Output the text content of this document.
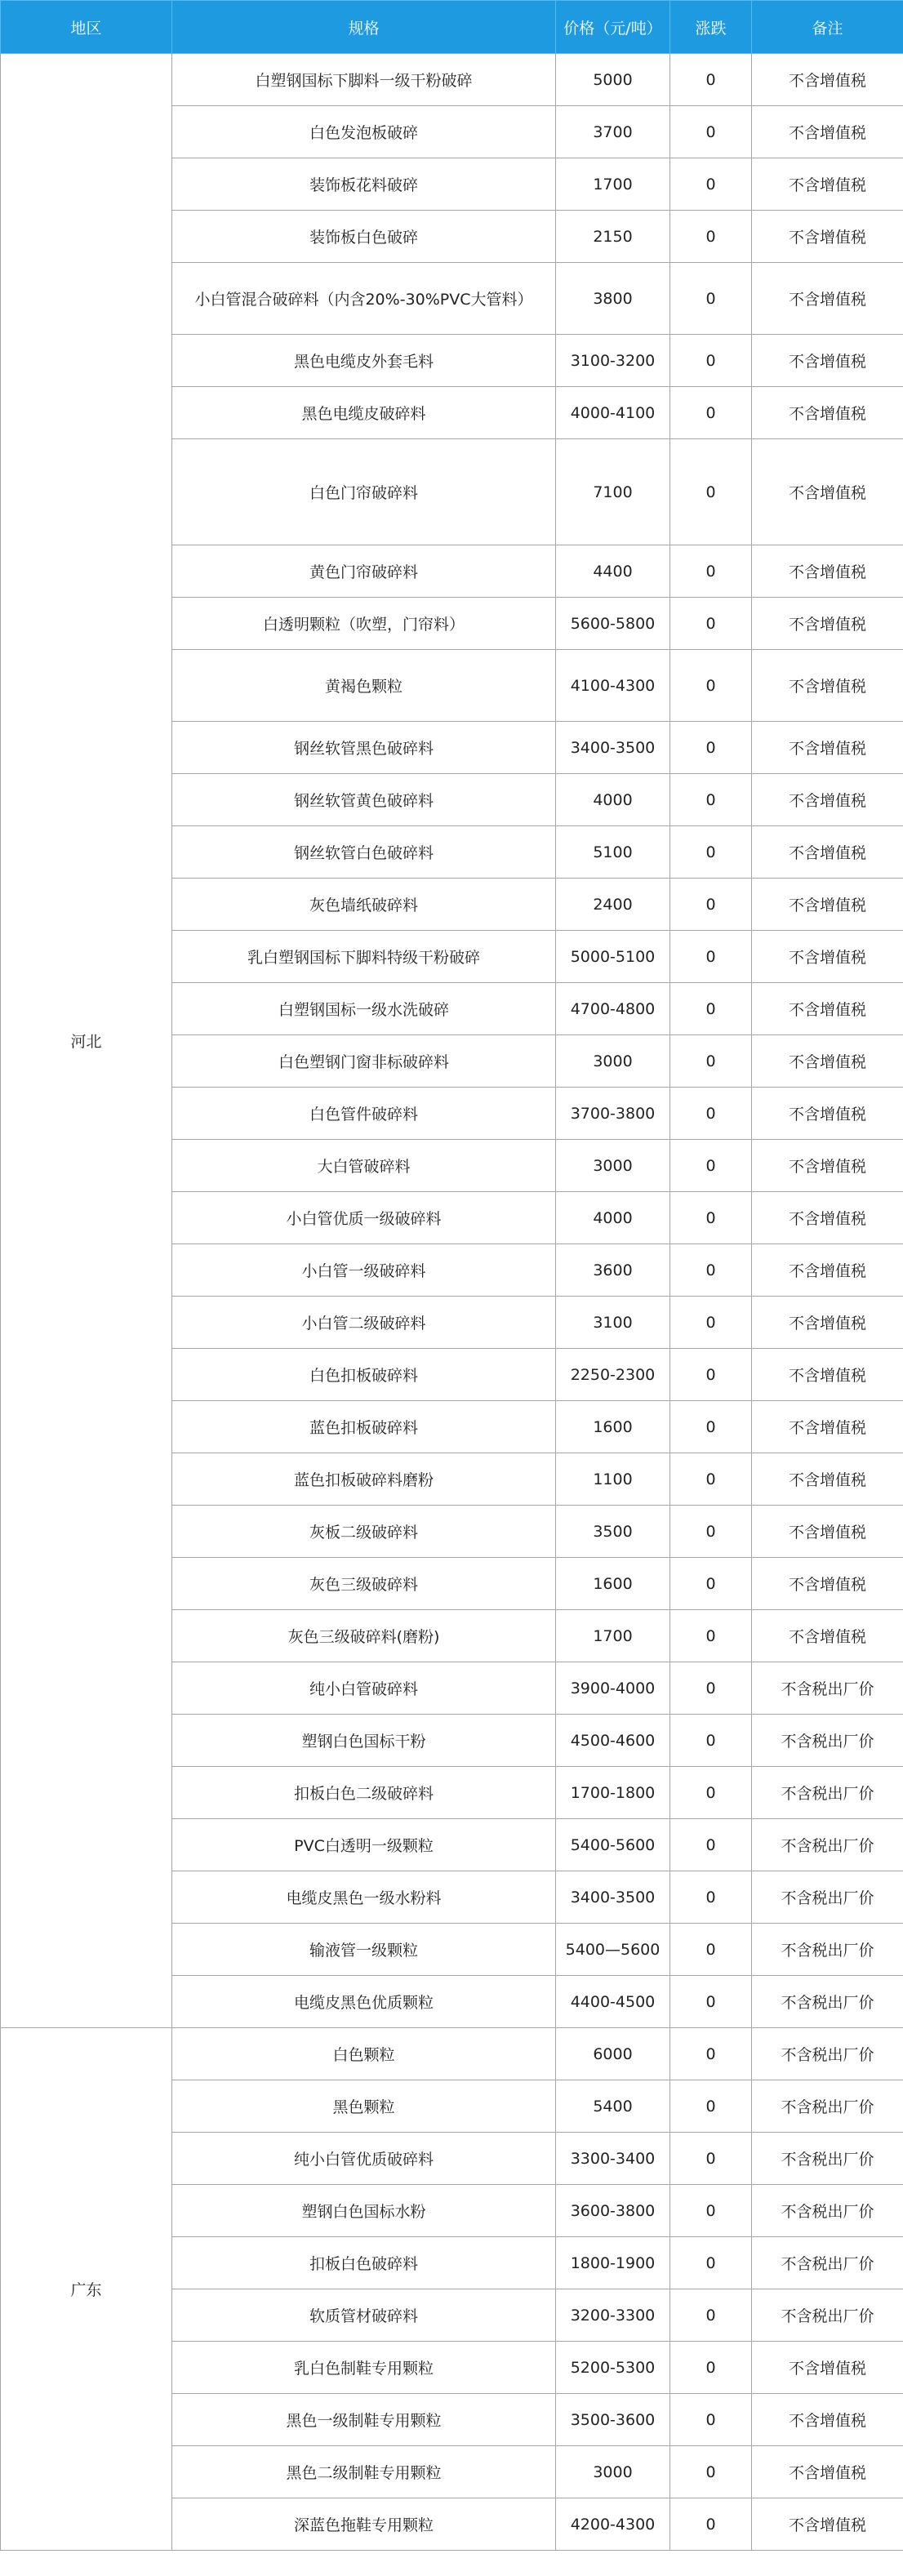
地区	规格	价格（元/吨）	涨跌	备注
河北	白塑钢国标下脚料一级干粉破碎	5000	0	不含增值税
	白色发泡板破碎	3700	0	不含增值税
	装饰板花料破碎	1700	0	不含增值税
	装饰板白色破碎	2150	0	不含增值税
	小白管混合破碎料（内含20%-30%PVC大管料）	3800	0	不含增值税
	黑色电缆皮外套毛料	3100-3200	0	不含增值税
	黑色电缆皮破碎料	4000-4100	0	不含增值税
	白色门帘破碎料	7100	0	不含增值税
	黄色门帘破碎料	4400	0	不含增值税
	白透明颗粒（吹塑，门帘料）	5600-5800	0	不含增值税
	黄褐色颗粒	4100-4300	0	不含增值税
	钢丝软管黑色破碎料	3400-3500	0	不含增值税
	钢丝软管黄色破碎料	4000	0	不含增值税
	钢丝软管白色破碎料	5100	0	不含增值税
	灰色墙纸破碎料	2400	0	不含增值税
	乳白塑钢国标下脚料特级干粉破碎	5000-5100	0	不含增值税
	白塑钢国标一级水洗破碎	4700-4800	0	不含增值税
	白色塑钢门窗非标破碎料	3000	0	不含增值税
	白色管件破碎料	3700-3800	0	不含增值税
	大白管破碎料	3000	0	不含增值税
	小白管优质一级破碎料	4000	0	不含增值税
	小白管一级破碎料	3600	0	不含增值税
	小白管二级破碎料	3100	0	不含增值税
	白色扣板破碎料	2250-2300	0	不含增值税
	蓝色扣板破碎料	1600	0	不含增值税
	蓝色扣板破碎料磨粉	1100	0	不含增值税
	灰板二级破碎料	3500	0	不含增值税
	灰色三级破碎料	1600	0	不含增值税
	灰色三级破碎料(磨粉)	1700	0	不含增值税
	纯小白管破碎料	3900-4000	0	不含税出厂价
	塑钢白色国标干粉	4500-4600	0	不含税出厂价
	扣板白色二级破碎料	1700-1800	0	不含税出厂价
	PVC白透明一级颗粒	5400-5600	0	不含税出厂价
	电缆皮黑色一级水粉料	3400-3500	0	不含税出厂价
	输液管一级颗粒	5400—5600	0	不含税出厂价
	电缆皮黑色优质颗粒	4400-4500	0	不含税出厂价
广东	白色颗粒	6000	0	不含税出厂价
	黑色颗粒	5400	0	不含税出厂价
	纯小白管优质破碎料	3300-3400	0	不含税出厂价
	塑钢白色国标水粉	3600-3800	0	不含税出厂价
	扣板白色破碎料	1800-1900	0	不含税出厂价
	软质管材破碎料	3200-3300	0	不含税出厂价
	乳白色制鞋专用颗粒	5200-5300	0	不含增值税
	黑色一级制鞋专用颗粒	3500-3600	0	不含增值税
	黑色二级制鞋专用颗粒	3000	0	不含增值税
	深蓝色拖鞋专用颗粒	4200-4300	0	不含增值税
